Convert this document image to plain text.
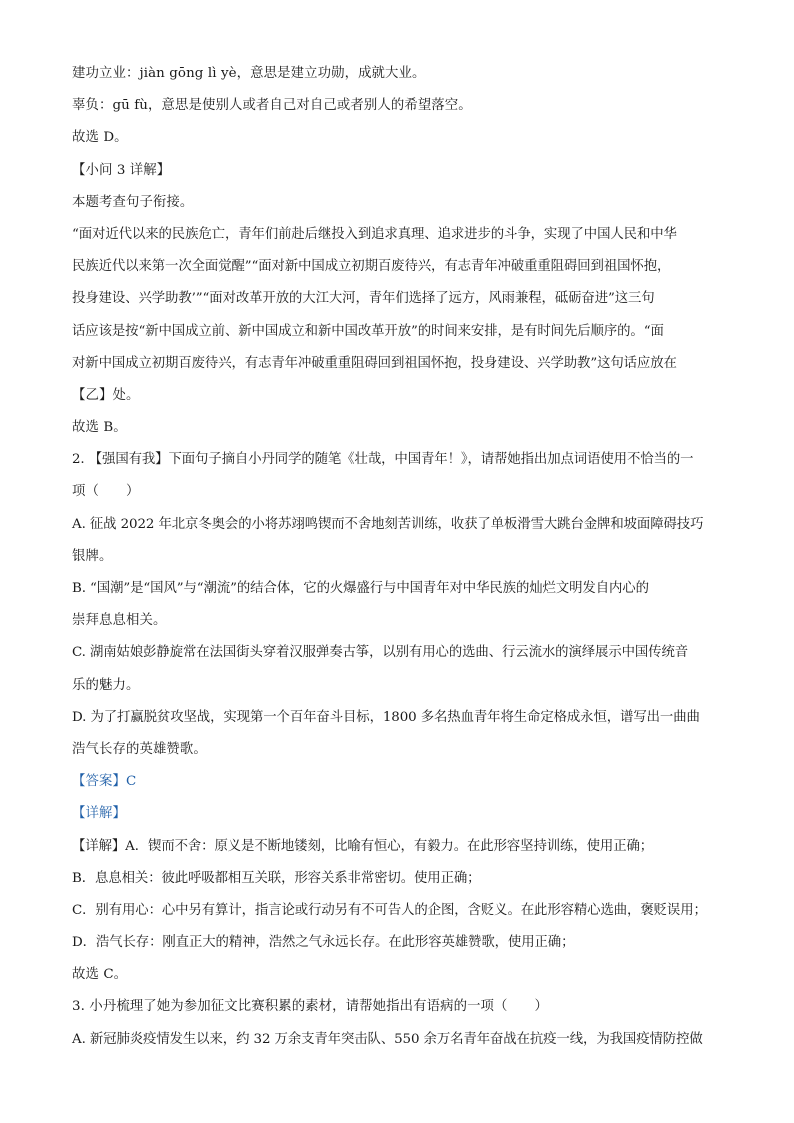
建功立业：jiàn gōng lì yè，意思是建立功勋，成就大业。
辜负：gū fù，意思是使别人或者自己对自己或者别人的希望落空。
故选 D。
【小问 3 详解】
本题考查句子衔接。
“面对近代以来的民族危亡，青年们前赴后继投入到追求真理、追求进步的斗争，实现了中国人民和中华
民族近代以来第一次全面觉醒”“面对新中国成立初期百废待兴，有志青年冲破重重阻碍回到祖国怀抱，
投身建设、兴学助教’”“面对改革开放的大江大河，青年们选择了远方，风雨兼程，砥砺奋进”这三句
话应该是按“新中国成立前、新中国成立和新中国改革开放”的时间来安排，是有时间先后顺序的。“面
对新中国成立初期百废待兴，有志青年冲破重重阻碍回到祖国怀抱，投身建设、兴学助教”这句话应放在
【乙】处。
故选 B。
2. 【强国有我】下面句子摘自小丹同学的随笔《壮哉，中国青年！》，请帮她指出加点词语使用不恰当的一
项（　　）
A. 征战 2022 年北京冬奥会的小将苏翊鸣锲而不舍地刻苦训练，收获了单板滑雪大跳台金牌和坡面障碍技巧
银牌。
B. “国潮”是“国风”与“潮流”的结合体，它的火爆盛行与中国青年对中华民族的灿烂文明发自内心的
崇拜息息相关。
C. 湖南姑娘彭静旋常在法国街头穿着汉服弹奏古筝，以别有用心的选曲、行云流水的演绎展示中国传统音
乐的魅力。
D. 为了打赢脱贫攻坚战，实现第一个百年奋斗目标，1800 多名热血青年将生命定格成永恒，谱写出一曲曲
浩气长存的英雄赞歌。
【答案】C
【详解】
【详解】A．锲而不舍：原义是不断地镂刻，比喻有恒心，有毅力。在此形容坚持训练，使用正确；
B．息息相关：彼此呼吸都相互关联，形容关系非常密切。使用正确；
C．别有用心：心中另有算计，指言论或行动另有不可告人的企图，含贬义。在此形容精心选曲，褒贬误用；
D．浩气长存：刚直正大的精神，浩然之气永远长存。在此形容英雄赞歌，使用正确；
故选 C。
3. 小丹梳理了她为参加征文比赛积累的素材，请帮她指出有语病的一项（　　）
A. 新冠肺炎疫情发生以来，约 32 万余支青年突击队、550 余万名青年奋战在抗疫一线，为我国疫情防控做
